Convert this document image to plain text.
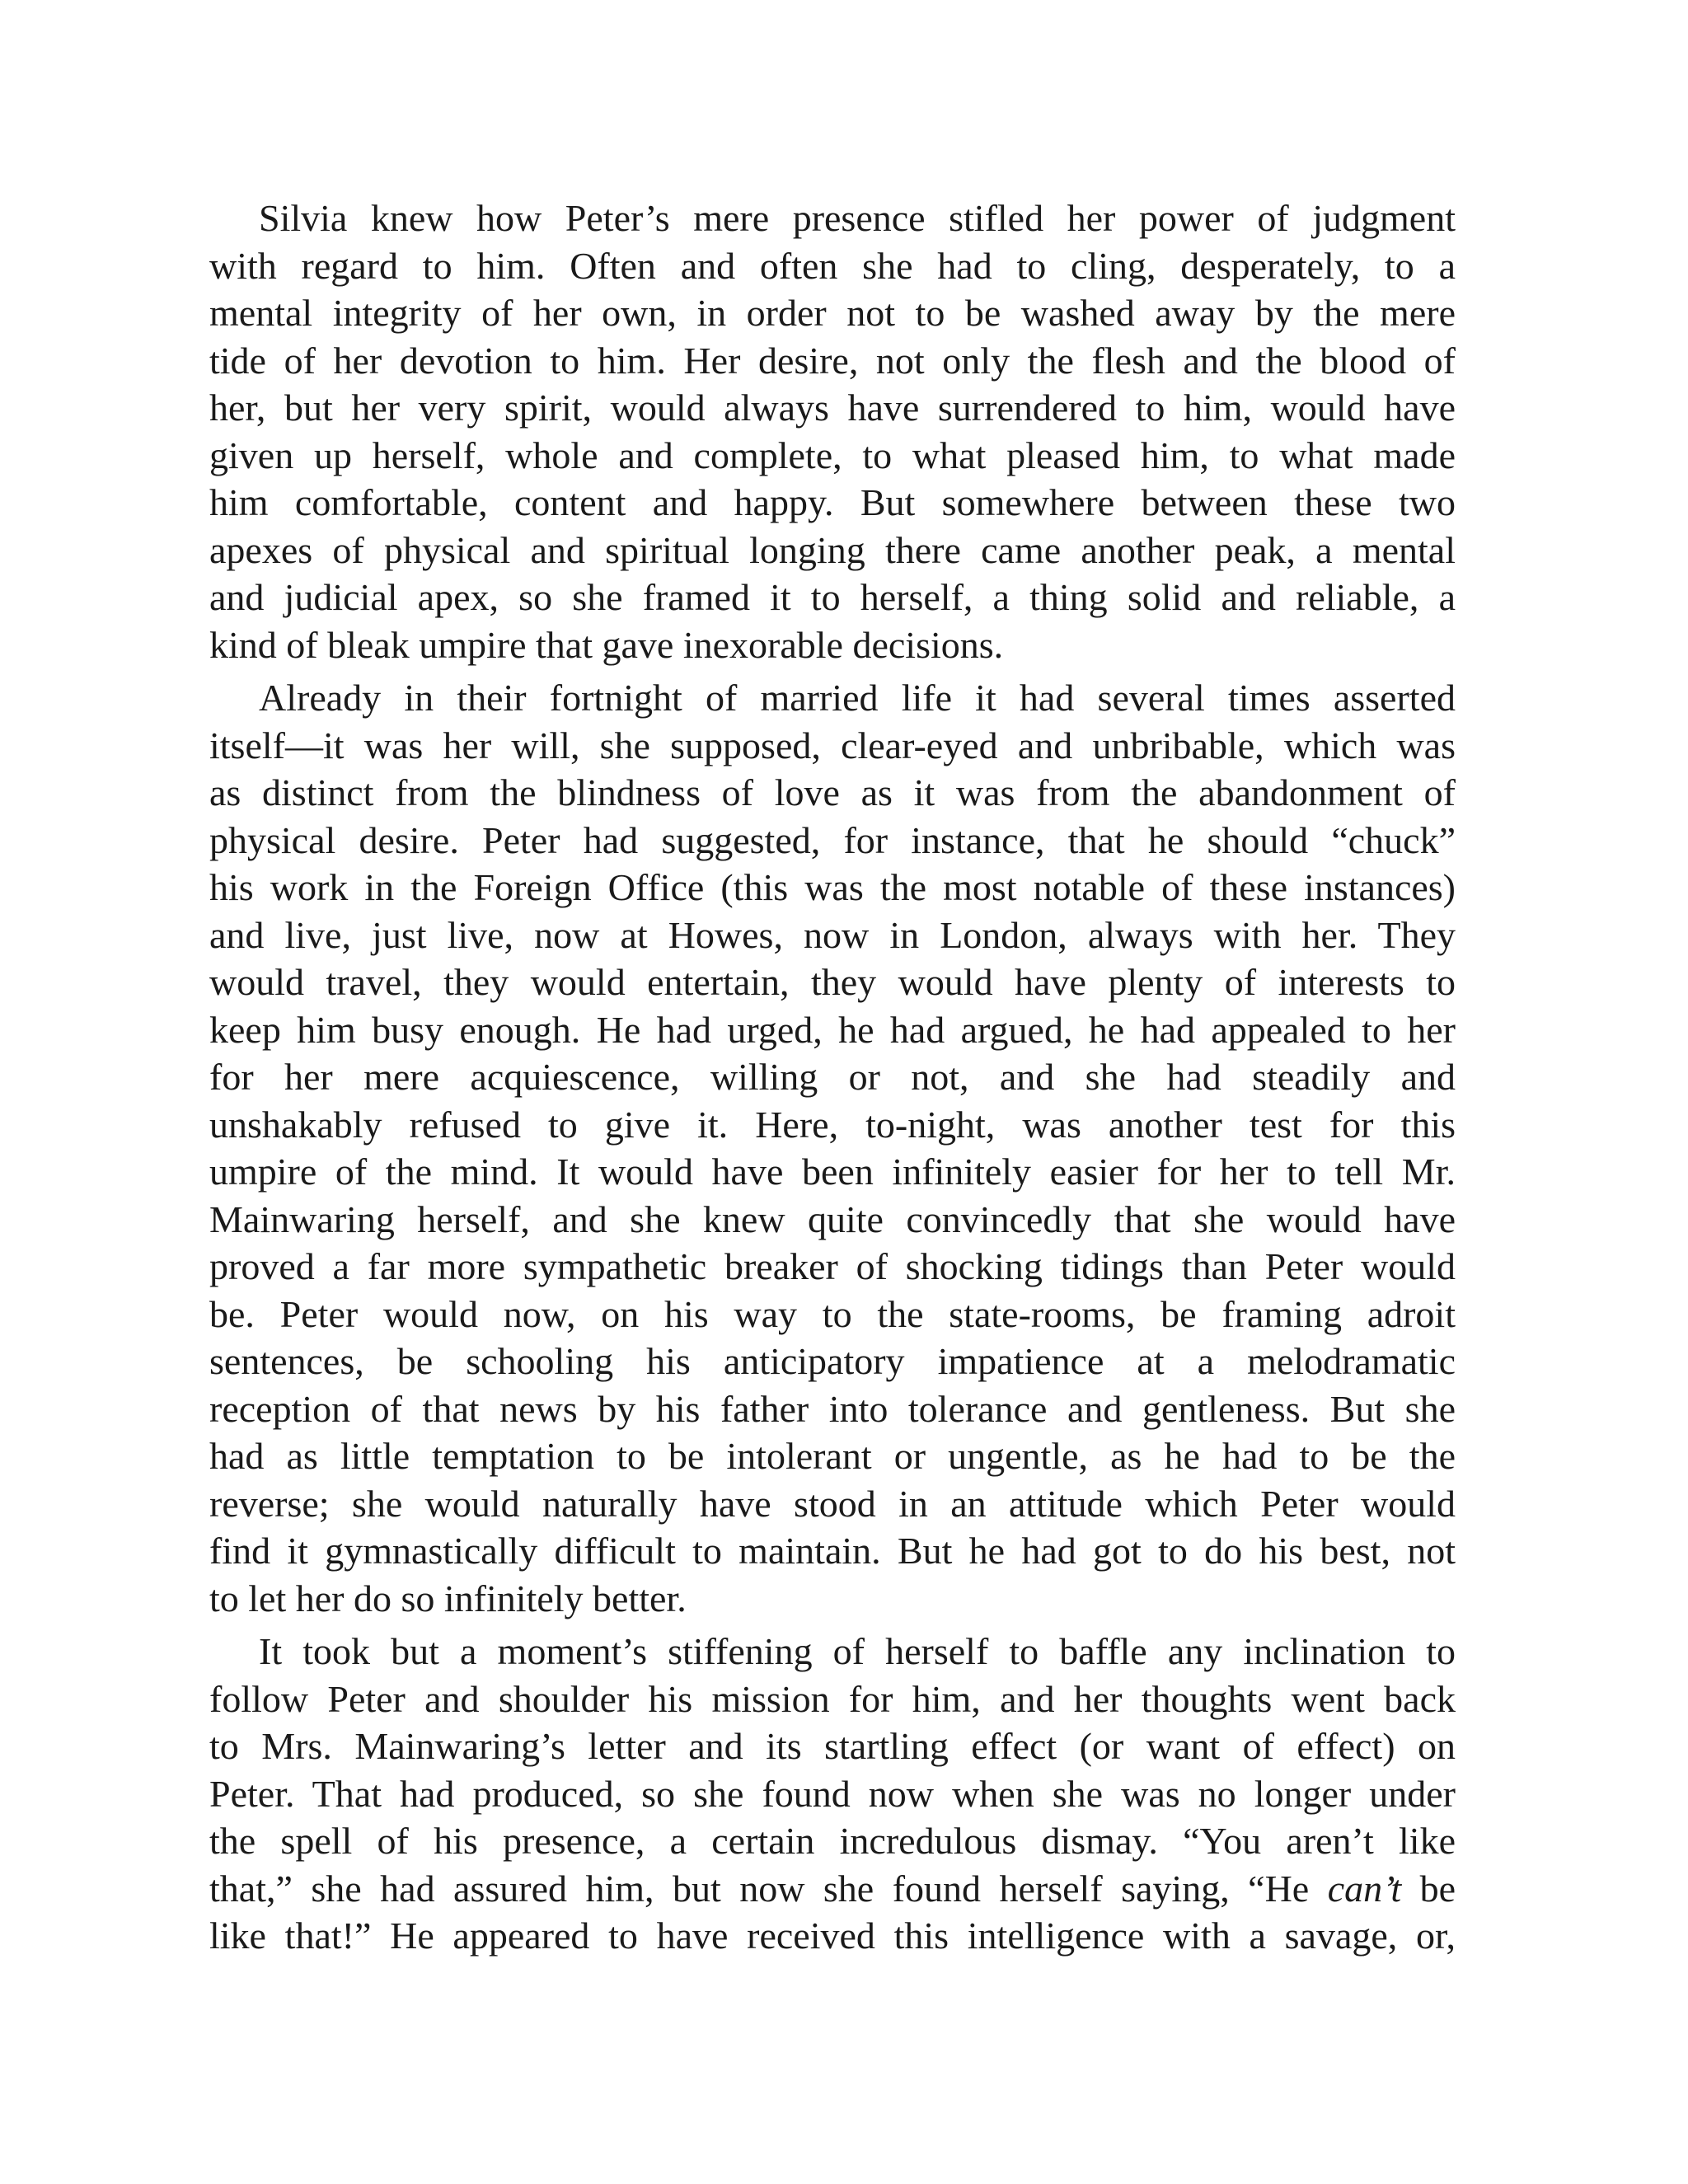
Silvia knew how Peter’s mere presence stifled her power of judgment
with regard to him. Often and often she had to cling, desperately, to a
mental integrity of her own, in order not to be washed away by the mere
tide of her devotion to him. Her desire, not only the flesh and the blood of
her, but her very spirit, would always have surrendered to him, would have
given up herself, whole and complete, to what pleased him, to what made
him comfortable, content and happy. But somewhere between these two
apexes of physical and spiritual longing there came another peak, a mental
and judicial apex, so she framed it to herself, a thing solid and reliable, a
kind of bleak umpire that gave inexorable decisions.

Already in their fortnight of married life it had several times asserted
itself—it was her will, she supposed, clear-eyed and unbribable, which was
as distinct from the blindness of love as it was from the abandonment of
physical desire. Peter had suggested, for instance, that he should “chuck”
his work in the Foreign Office (this was the most notable of these instances)
and live, just live, now at Howes, now in London, always with her. They
would travel, they would entertain, they would have plenty of interests to
keep him busy enough. He had urged, he had argued, he had appealed to her
for her mere acquiescence, willing or not, and she had steadily and
unshakably refused to give it. Here, to-night, was another test for this
umpire of the mind. It would have been infinitely easier for her to tell Mr.
Mainwaring herself, and she knew quite convincedly that she would have
proved a far more sympathetic breaker of shocking tidings than Peter would
be. Peter would now, on his way to the state-rooms, be framing adroit
sentences, be schooling his anticipatory impatience at a melodramatic
reception of that news by his father into tolerance and gentleness. But she
had as little temptation to be intolerant or ungentle, as he had to be the
reverse; she would naturally have stood in an attitude which Peter would
find it gymnastically difficult to maintain. But he had got to do his best, not
to let her do so infinitely better.

It took but a moment’s stiffening of herself to baffle any inclination to
follow Peter and shoulder his mission for him, and her thoughts went back
to Mrs. Mainwaring’s letter and its startling effect (or want of effect) on
Peter. That had produced, so she found now when she was no longer under
the spell of his presence, a certain incredulous dismay. “You aren’t like
that,” she had assured him, but now she found herself saying, “He can’t be
like that!” He appeared to have received this intelligence with a savage, or,
